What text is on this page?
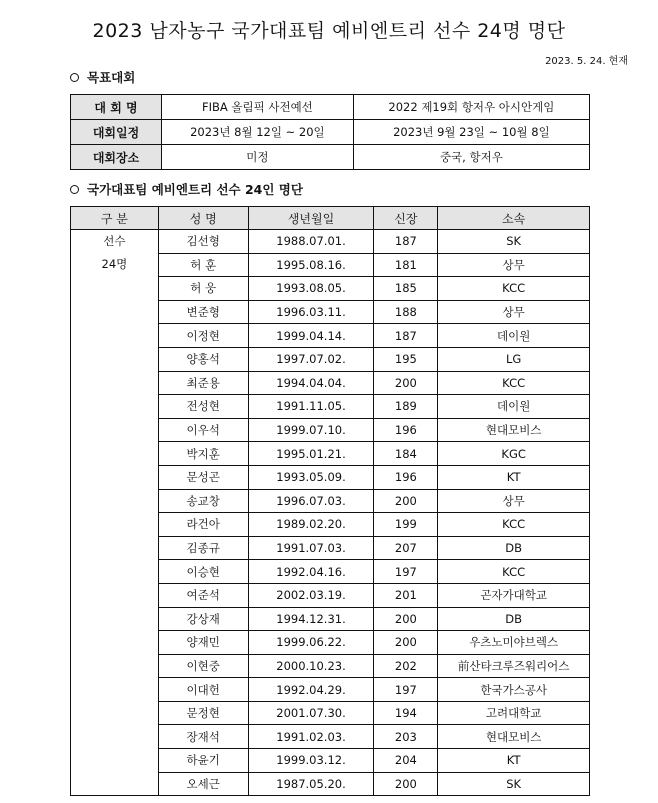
2023 남자농구 국가대표팀 예비엔트리 선수 24명 명단
2023. 5. 24. 현재
목표대회
대 회 명	FIBA 올림픽 사전예선	2022 제19회 항저우 아시안게임
대회일정	2023년 8월 12일 ~ 20일	2023년 9월 23일 ~ 10월 8일
대회장소	미정	중국, 항저우
국가대표팀 예비엔트리 선수 24인 명단
구 분	성 명	생년월일	신장	소속

선수
24명	김선형	1988.07.01.	187	SK
	허 훈	1995.08.16.	181	상무
	허 웅	1993.08.05.	185	KCC
	변준형	1996.03.11.	188	상무
	이정현	1999.04.14.	187	데이원
	양홍석	1997.07.02.	195	LG
	최준용	1994.04.04.	200	KCC
	전성현	1991.11.05.	189	데이원
	이우석	1999.07.10.	196	현대모비스
	박지훈	1995.01.21.	184	KGC
	문성곤	1993.05.09.	196	KT
	송교창	1996.07.03.	200	상무
	라건아	1989.02.20.	199	KCC
	김종규	1991.07.03.	207	DB
	이승현	1992.04.16.	197	KCC
	여준석	2002.03.19.	201	곤자가대학교
	강상재	1994.12.31.	200	DB
	양재민	1999.06.22.	200	우츠노미야브렉스
	이현중	2000.10.23.	202	前산타크루즈워리어스
	이대헌	1992.04.29.	197	한국가스공사
	문정현	2001.07.30.	194	고려대학교
	장재석	1991.02.03.	203	현대모비스
	하윤기	1999.03.12.	204	KT
	오세근	1987.05.20.	200	SK
